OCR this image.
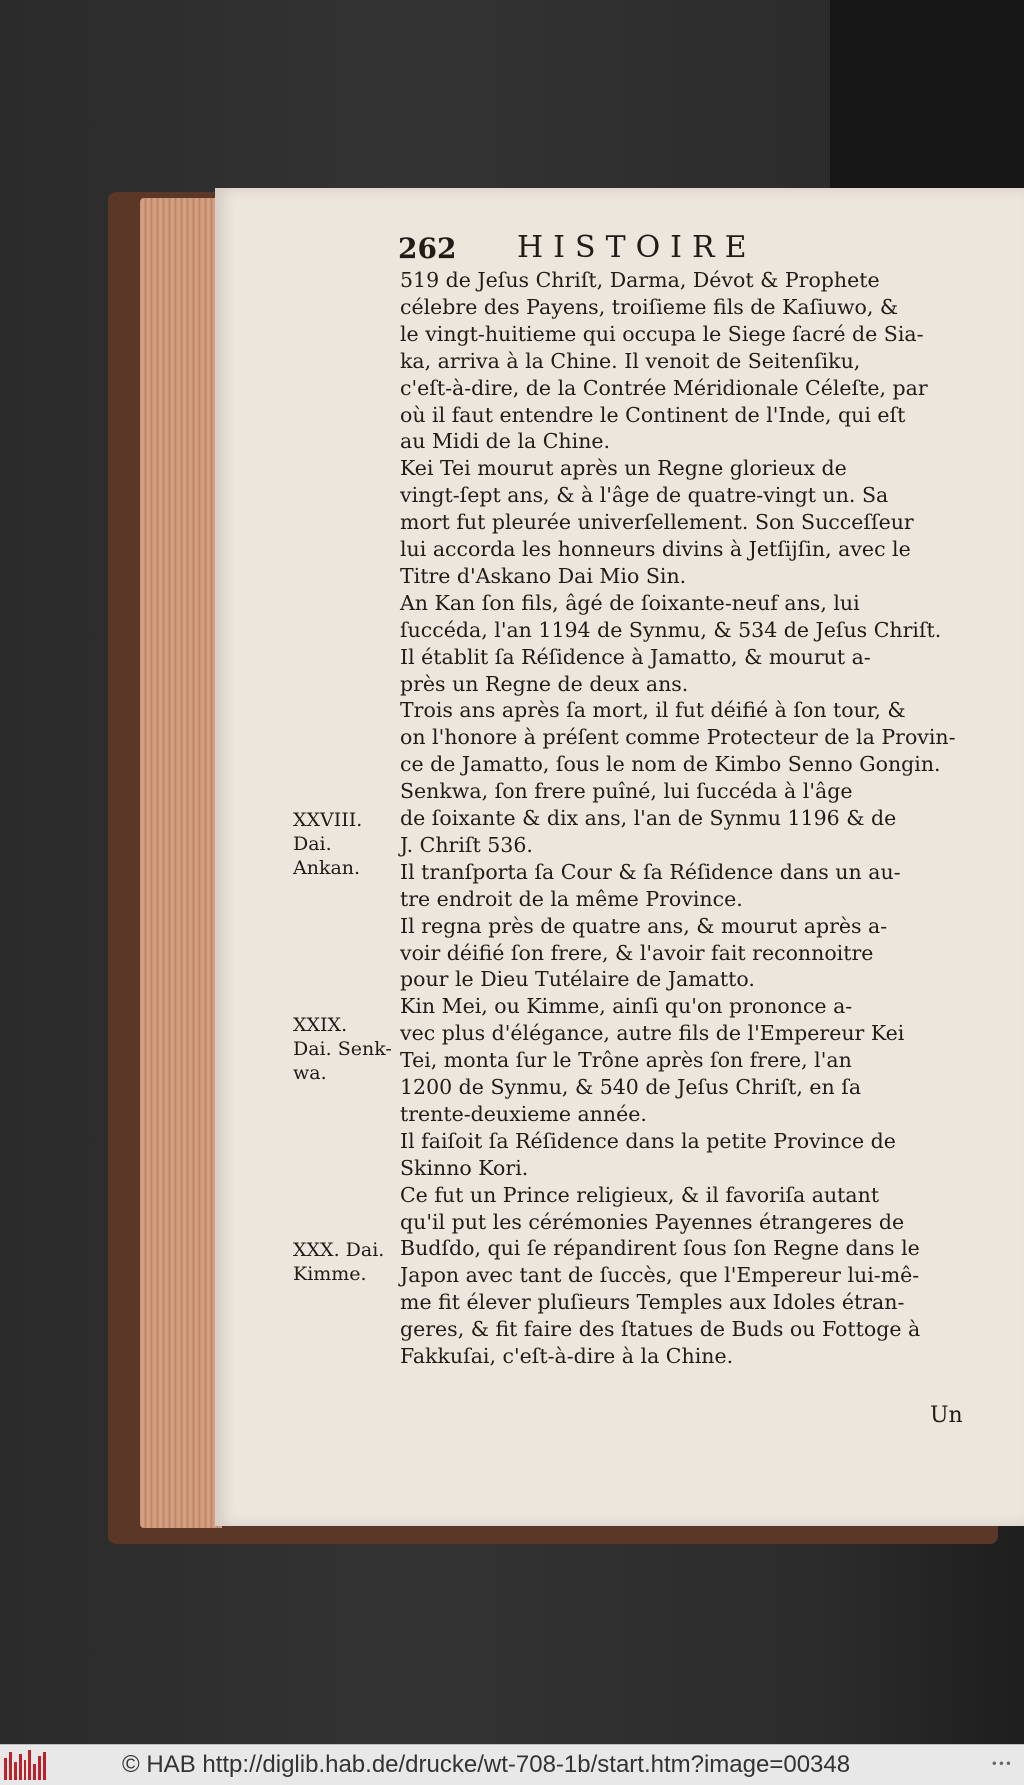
262 HISTOIRE
519 de Jeſus Chriſt, Darma, Dévot & Prophete
célebre des Payens, troiſieme fils de Kaſiuwo, &
le vingt-huitieme qui occupa le Siege ſacré de Sia-
ka, arriva à la Chine. Il venoit de Seitenſiku,
c'eſt-à-dire, de la Contrée Méridionale Céleſte, par
où il faut entendre le Continent de l'Inde, qui eſt
au Midi de la Chine.
Kei Tei mourut après un Regne glorieux de
vingt-ſept ans, & à l'âge de quatre-vingt un. Sa
mort fut pleurée univerſellement. Son Succeſſeur
lui accorda les honneurs divins à Jetſijſin, avec le
Titre d'Askano Dai Mio Sin.
An Kan ſon fils, âgé de ſoixante-neuf ans, lui
ſuccéda, l'an 1194 de Synmu, & 534 de Jeſus Chriſt.
Il établit ſa Réſidence à Jamatto, & mourut a-
près un Regne de deux ans.
Trois ans après ſa mort, il fut déifié à ſon tour, &
on l'honore à préſent comme Protecteur de la Provin-
ce de Jamatto, ſous le nom de Kimbo Senno Gongin.
Senkwa, ſon frere puîné, lui ſuccéda à l'âge
de ſoixante & dix ans, l'an de Synmu 1196 & de
J. Chriſt 536.
Il tranſporta ſa Cour & ſa Réſidence dans un au-
tre endroit de la même Province.
Il regna près de quatre ans, & mourut après a-
voir déifié ſon frere, & l'avoir fait reconnoitre
pour le Dieu Tutélaire de Jamatto.
Kin Mei, ou Kimme, ainſi qu'on prononce a-
vec plus d'élégance, autre fils de l'Empereur Kei
Tei, monta ſur le Trône après ſon frere, l'an
1200 de Synmu, & 540 de Jeſus Chriſt, en ſa
trente-deuxieme année.
Il faiſoit ſa Réſidence dans la petite Province de
Skinno Kori.
Ce fut un Prince religieux, & il favoriſa autant
qu'il put les cérémonies Payennes étrangeres de
Budſdo, qui ſe répandirent ſous ſon Regne dans le
Japon avec tant de ſuccès, que l'Empereur lui-mê-
me fit élever pluſieurs Temples aux Idoles étran-
geres, & fit faire des ſtatues de Buds ou Fottoge à
Fakkuſai, c'eſt-à-dire à la Chine.
XXVIII.
Dai.
Ankan.
XXIX.
Dai. Senk-
wa.
XXX. Dai.
Kimme.
Un
© HAB http://diglib.hab.de/drucke/wt-708-1b/start.htm?image=00348	•••
